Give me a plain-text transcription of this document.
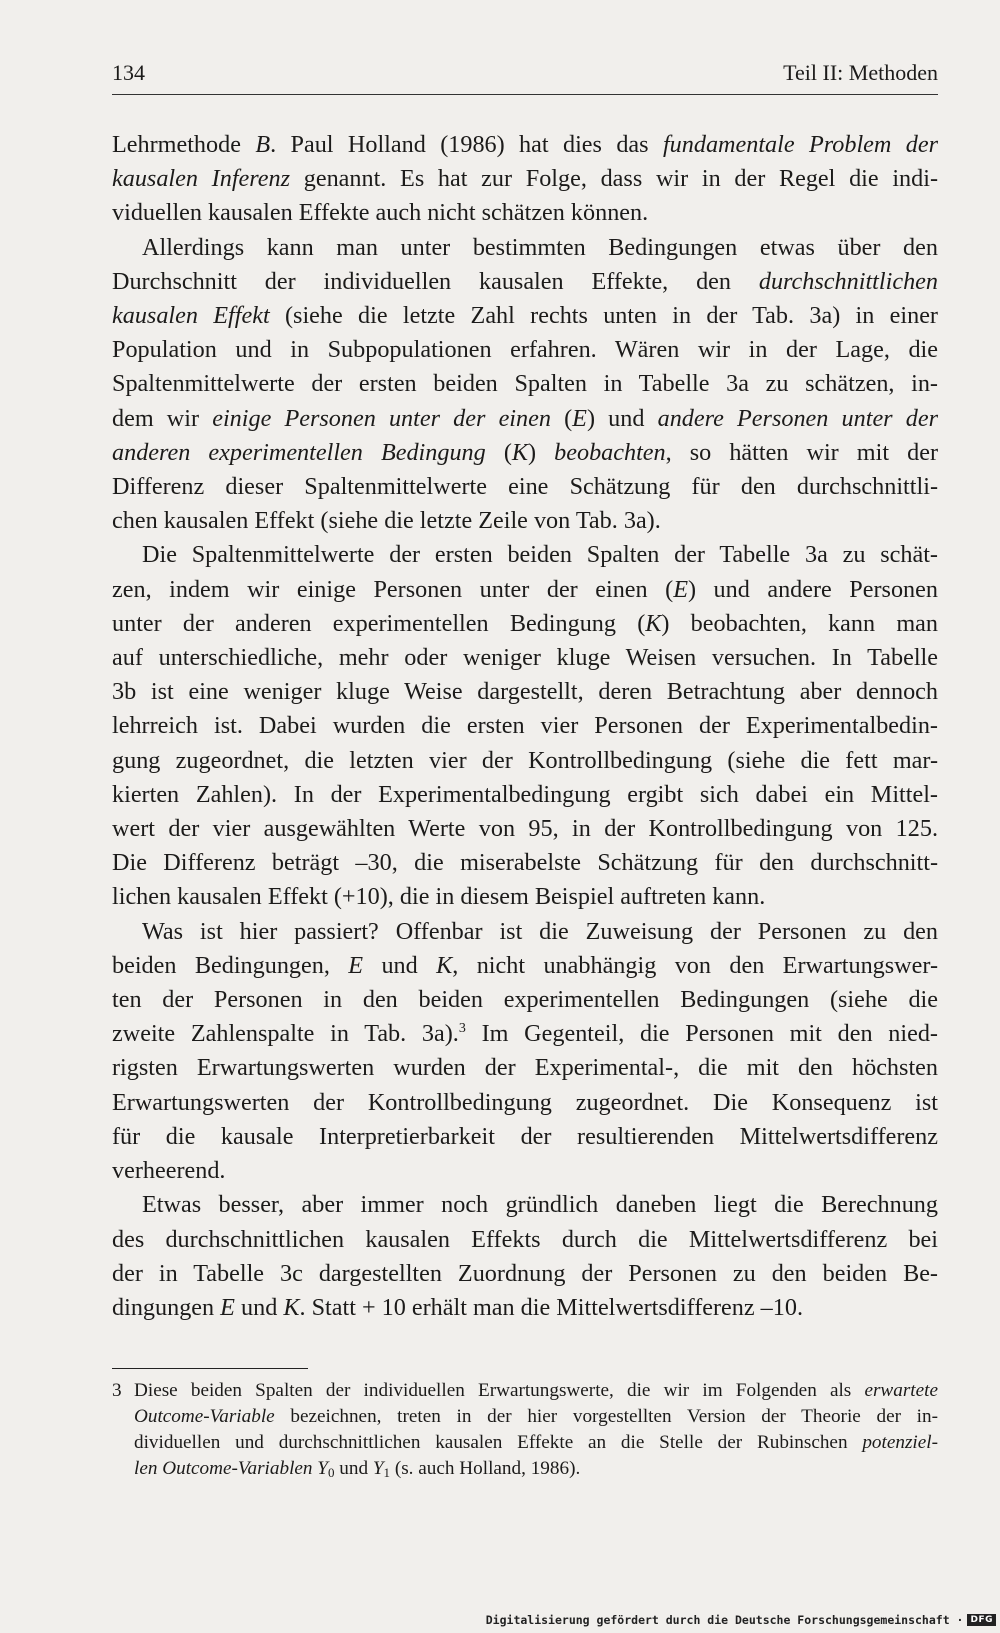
134	Teil II: Methoden

Lehrmethode B. Paul Holland (1986) hat dies das fundamentale Problem der
kausalen Inferenz genannt. Es hat zur Folge, dass wir in der Regel die indi-
viduellen kausalen Effekte auch nicht schätzen können.

Allerdings kann man unter bestimmten Bedingungen etwas über den
Durchschnitt der individuellen kausalen Effekte, den durchschnittlichen
kausalen Effekt (siehe die letzte Zahl rechts unten in der Tab. 3a) in einer
Population und in Subpopulationen erfahren. Wären wir in der Lage, die
Spaltenmittelwerte der ersten beiden Spalten in Tabelle 3a zu schätzen, in-
dem wir einige Personen unter der einen (E) und andere Personen unter der
anderen experimentellen Bedingung (K) beobachten, so hätten wir mit der
Differenz dieser Spaltenmittelwerte eine Schätzung für den durchschnittli-
chen kausalen Effekt (siehe die letzte Zeile von Tab. 3a).

Die Spaltenmittelwerte der ersten beiden Spalten der Tabelle 3a zu schät-
zen, indem wir einige Personen unter der einen (E) und andere Personen
unter der anderen experimentellen Bedingung (K) beobachten, kann man
auf unterschiedliche, mehr oder weniger kluge Weisen versuchen. In Tabelle
3b ist eine weniger kluge Weise dargestellt, deren Betrachtung aber dennoch
lehrreich ist. Dabei wurden die ersten vier Personen der Experimentalbedin-
gung zugeordnet, die letzten vier der Kontrollbedingung (siehe die fett mar-
kierten Zahlen). In der Experimentalbedingung ergibt sich dabei ein Mittel-
wert der vier ausgewählten Werte von 95, in der Kontrollbedingung von 125.
Die Differenz beträgt –30, die miserabelste Schätzung für den durchschnitt-
lichen kausalen Effekt (+10), die in diesem Beispiel auftreten kann.

Was ist hier passiert? Offenbar ist die Zuweisung der Personen zu den
beiden Bedingungen, E und K, nicht unabhängig von den Erwartungswer-
ten der Personen in den beiden experimentellen Bedingungen (siehe die
zweite Zahlenspalte in Tab. 3a).$^3$ Im Gegenteil, die Personen mit den nied-
rigsten Erwartungswerten wurden der Experimental-, die mit den höchsten
Erwartungswerten der Kontrollbedingung zugeordnet. Die Konsequenz ist
für die kausale Interpretierbarkeit der resultierenden Mittelwertsdifferenz
verheerend.

Etwas besser, aber immer noch gründlich daneben liegt die Berechnung
des durchschnittlichen kausalen Effekts durch die Mittelwertsdifferenz bei
der in Tabelle 3c dargestellten Zuordnung der Personen zu den beiden Be-
dingungen E und K. Statt + 10 erhält man die Mittelwertsdifferenz –10.

3 Diese beiden Spalten der individuellen Erwartungswerte, die wir im Folgenden als erwartete
Outcome-Variable bezeichnen, treten in der hier vorgestellten Version der Theorie der in-
dividuellen und durchschnittlichen kausalen Effekte an die Stelle der Rubinschen potenziel-
len Outcome-Variablen $Y_0$ und $Y_1$ (s. auch Holland, 1986).
Digitalisierung gefördert durch die Deutsche Forschungsgemeinschaft · DFG
